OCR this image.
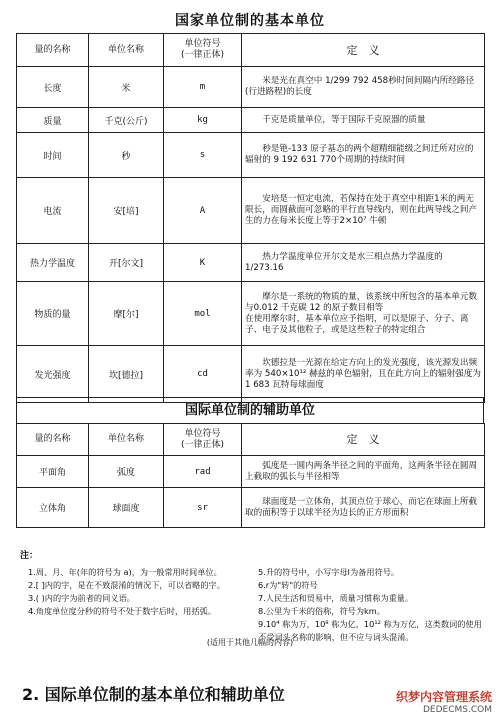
国家单位制的基本单位
量的名称	单位名称	单位符号
(一律正体)	定　义
长度	米	m	米是光在真空中 1/299 792 458秒时间间隔内所经路径(行进路程)的长度
质量	千克(公斤)	kg	千克是质量单位，等于国际千克原器的质量
时间	秒	s	秒是铯-133 原子基态的两个超精细能级之间迁所对应的辐射的 9 192 631 770个周期的持续时间
电流	安[培]	A	安培是一恒定电流，若保持在处于真空中相距1米的两无限长，而圆截面可忽略的平行直导线内，则在此两导线之间产生的力在每米长度上等于2×10⁷ 牛顿
热力学温度	开[尔文]	K	热力学温度单位开尔文是水三相点热力学温度的1/273.16
物质的量	摩[尔]	mol	摩尔是一系统的物质的量，该系统中所包含的基本单元数与0.012 千克碳 12 的原子数目相等
在使用摩尔时，基本单位应予指明，可以是原子、分子、离子、电子及其他粒子，或是这些粒子的特定组合
发光强度	坎[德拉]	cd	坎德拉是一光源在给定方向上的发光强度，该光源发出频率为 540×10¹² 赫兹的单色辐射，且在此方向上的辐射强度为 1 683 瓦特每球面度
国际单位制的辅助单位
量的名称	单位名称	单位符号
(一律正体)	定　义
平面角	弧度	rad	弧度是一圆内两条半径之间的平面角，这两条半径在圆周上截取的弧长与半径相等
立体角	球面度	sr	球面度是一立体角，其顶点位于球心，而它在球面上所截取的面积等于以球半径为边长的正方形面积
注：
1.周、月、年(年的符号为 a)，为一般常用时间单位。
2.[ ]内的字，是在不致混淆的情况下，可以省略的字。
3.( )内的字为前者的同义语。
4.角度单位度分秒的符号不处于数字后时，用括弧。
5.升的符号中，小写字母l为备用符号。
6.r为"转"的符号
7.人民生活和贸易中，质量习惯称为重量。
8.公里为千米的俗称，符号为km。
9.10⁴ 称为万，10⁸ 称为亿，10¹² 称为万亿，这类数词的使用不受词头名称的影响，但不应与词头混淆。
(适用于其他几幅的内容)
2. 国际单位制的基本单位和辅助单位	织梦内容管理系统
DEDECMS.COM
